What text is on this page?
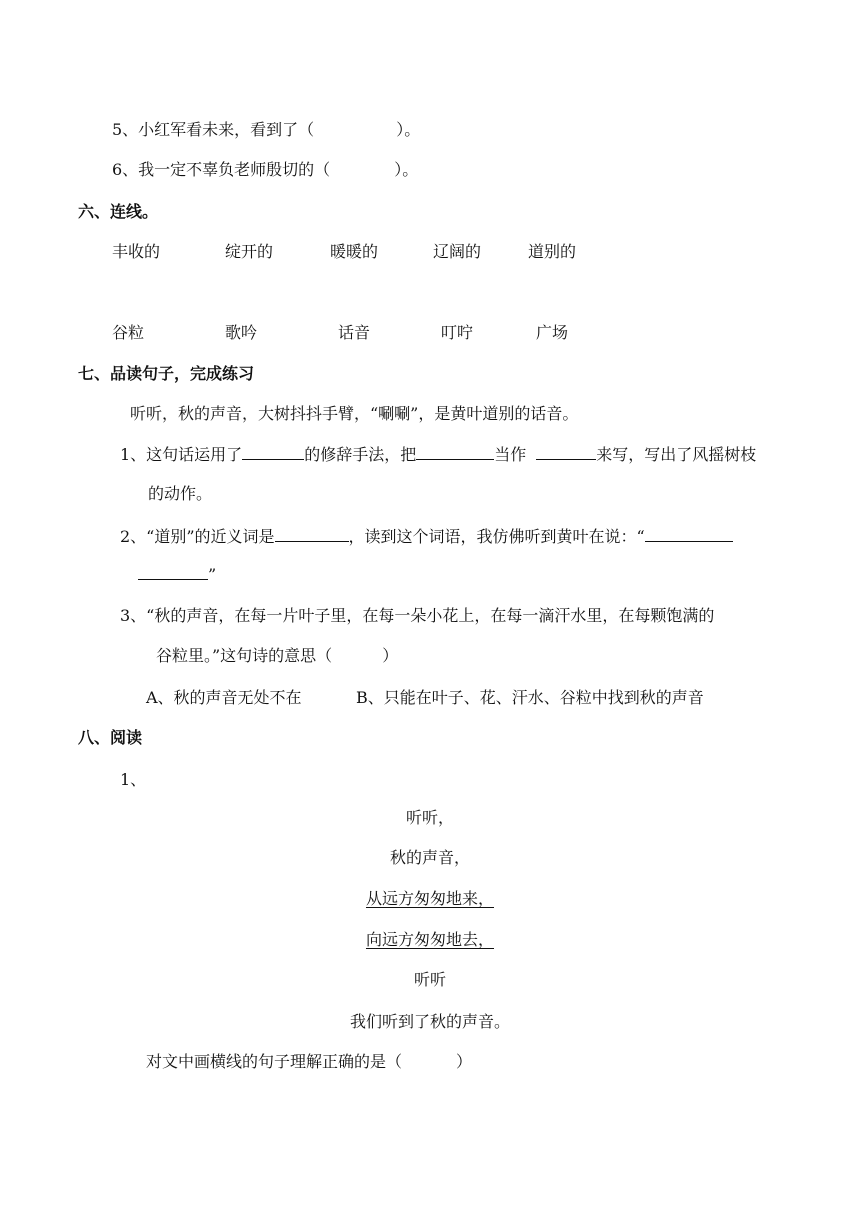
5、小红军看未来，看到了（	）。
6、我一定不辜负老师殷切的（	）。
六、连线。
丰收的	绽开的	暖暖的	辽阔的	道别的
谷粒	歌吟	话音	叮咛	广场
七、品读句子，完成练习
听听，秋的声音，大树抖抖手臂，“唰唰”，是黄叶道别的话音。
1、这句话运用了	的修辞手法，把	当作	来写，写出了风摇树枝
的动作。
2、“道别”的近义词是	，读到这个词语，我仿佛听到黄叶在说：“
”
3、“秋的声音，在每一片叶子里，在每一朵小花上，在每一滴汗水里，在每颗饱满的
谷粒里。”这句诗的意思（	）
A、秋的声音无处不在	B、只能在叶子、花、汗水、谷粒中找到秋的声音
八、阅读
1、
听听，
秋的声音，
从远方匆匆地来，
向远方匆匆地去，
听听
我们听到了秋的声音。
对文中画横线的句子理解正确的是（	）
